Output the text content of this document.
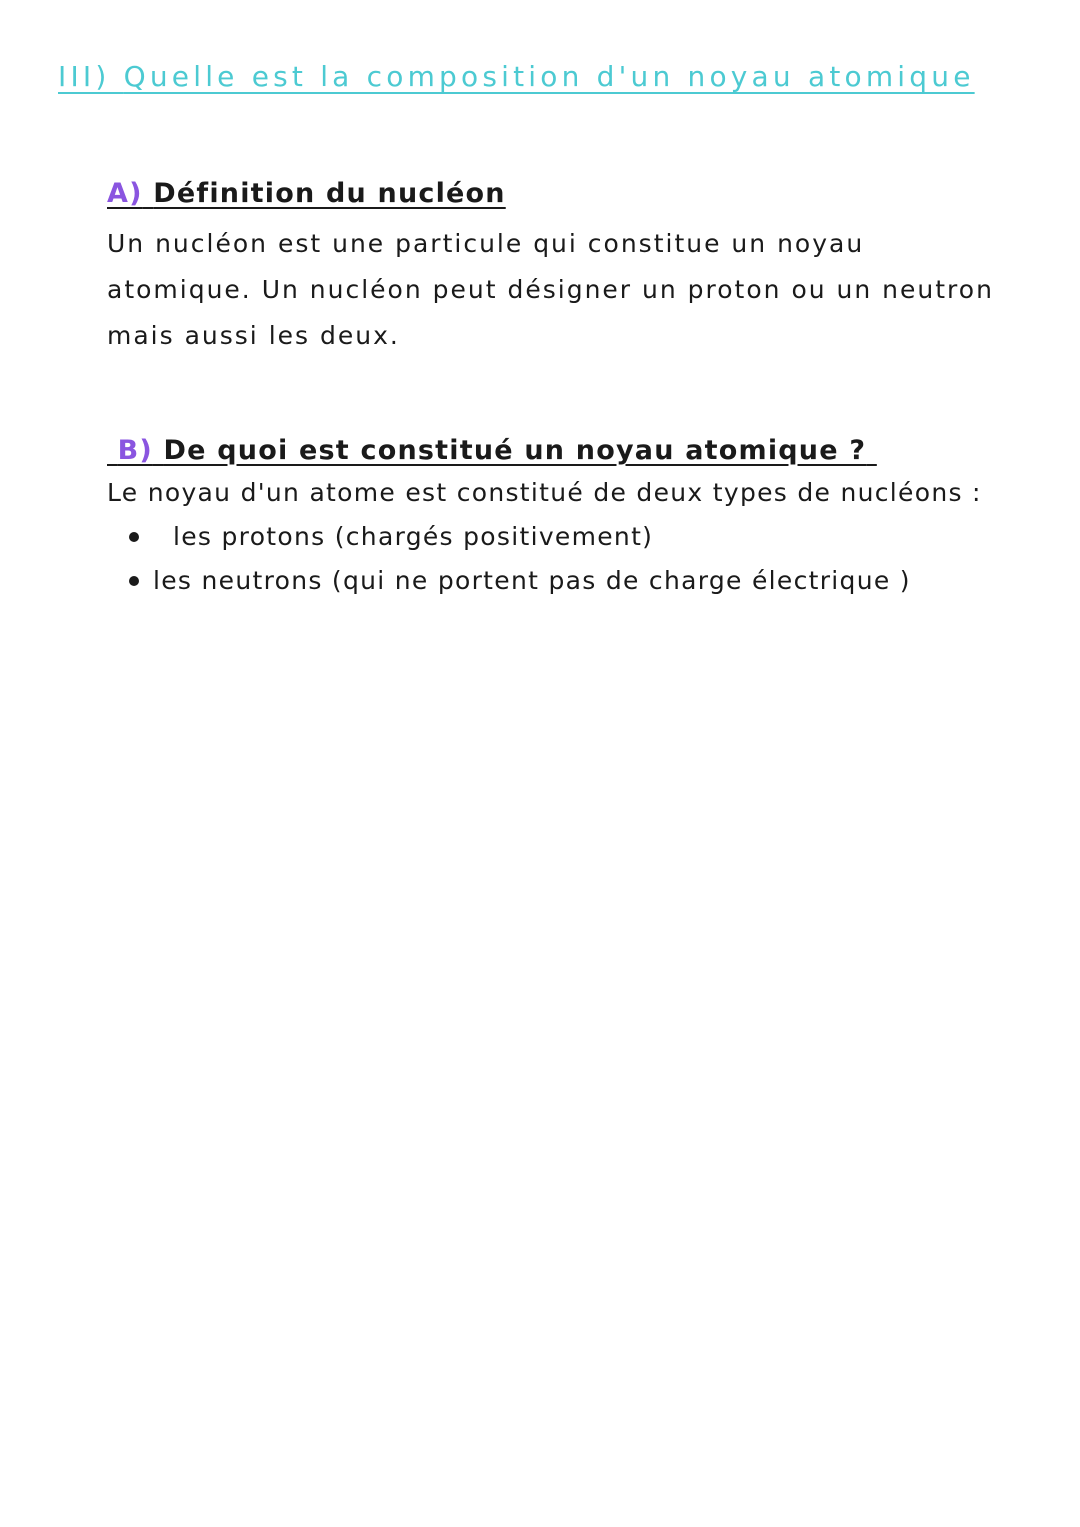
III) Quelle est la composition d'un noyau atomique
A) Définition du nucléon

Un nucléon est une particule qui constitue un noyau atomique. Un nucléon peut désigner un proton ou un neutron mais aussi les deux.

B) De quoi est constitué un noyau atomique ?

Le noyau d'un atome est constitué de deux types de nucléons :

les protons (chargés positivement)
les neutrons (qui ne portent pas de charge électrique )
